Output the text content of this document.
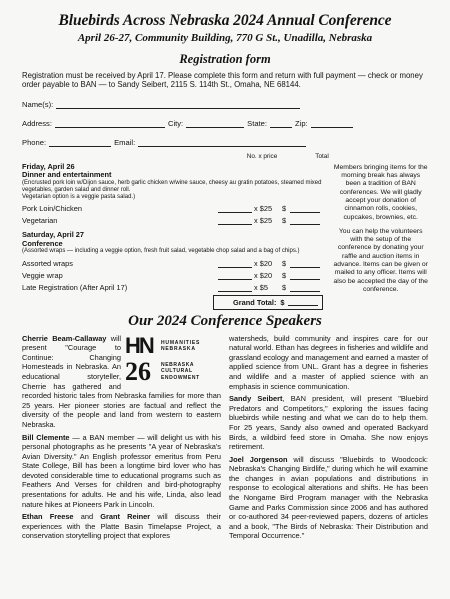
Bluebirds Across Nebraska 2024 Annual Conference
April 26-27, Community Building, 770 G St., Unadilla, Nebraska
Registration form
Registration must be received by April 17. Please complete this form and return with full payment — check or money order payable to BAN — to Sandy Seibert, 2115 S. 114th St., Omaha, NE 68144.
Name(s):
Address:	City:	State:	Zip:
Phone:	Email:
No. x price	Total
Friday, April 26
Dinner and entertainment
(Encrusted pork loin w/Dijon sauce, herb garlic chicken w/wine sauce, cheesy au gratin potatoes, steamed mixed vegetables, garden salad and dinner roll.
Vegetarian option is a veggie pasta salad.)
Pork Loin/Chicken	x $25	$
Vegetarian	x $25	$
Saturday, April 27
Conference
(Assorted wraps — including a veggie option, fresh fruit salad, vegetable chop salad and a bag of chips.)
Assorted wraps	x $20	$
Veggie wrap	x $20	$
Late Registration (After April 17)	x $5	$
Grand Total: $
Members bringing items for the morning break has always been a tradition of BAN conferences. We will gladly accept your donation of cinnamon rolls, cookies, cupcakes, brownies, etc.
You can help the volunteers with the setup of the conference by donating your raffle and auction items in advance. Items can be given or mailed to any officer. Items will also be accepted the day of the conference.
Our 2024 Conference Speakers
HN	HUMANITIES
NEBRASKA
26	NEBRASKA
CULTURAL
ENDOWMENT

Cherrie Beam-Callaway will present "Courage to Continue: Changing Homesteads in Nebraska. An educational storyteller, Cherrie has gathered and recorded historic tales from Nebraska families for more than 25 years. Her pioneer stories are factual and reflect the diversity of the people and land from western to eastern Nebraska.

Bill Clemente — a BAN member — will delight us with his personal photographs as he presents "A year of Nebraska's Avian Diversity." An English professor emeritus from Peru State College, Bill has been a longtime bird lover who has devoted considerable time to educational programs such as Feathers And Verses for children and bird-photography presentations for adults. He and his wife, Linda, also lead nature hikes at Pioneers Park in Lincoln.

Ethan Freese and Grant Reiner will discuss their experiences with the Platte Basin Timelapse Project, a conservation storytelling project that explores

watersheds, build community and inspires care for our natural world. Ethan has degrees in fisheries and wildlife and grassland ecology and management and earned a master of applied science from UNL. Grant has a degree in fisheries and wildlife and a master of applied science with an emphasis in science communication.

Sandy Seibert, BAN president, will present "Bluebird Predators and Competitors," exploring the issues facing bluebirds while nesting and what we can do to help them. For 25 years, Sandy also owned and operated Backyard Birds, a wildbird feed store in Omaha. She now enjoys retirement.

Joel Jorgenson will discuss "Bluebirds to Woodcock: Nebraska's Changing Birdlife," during which he will examine the changes in avian populations and distributions in response to ecological alterations and shifts. He has been the Nongame Bird Program manager with the Nebraska Game and Parks Commission since 2006 and has authored or co-authored 34 peer-reviewed papers, dozens of articles and a book, "The Birds of Nebraska: Their Distribution and Temporal Occurrence."
